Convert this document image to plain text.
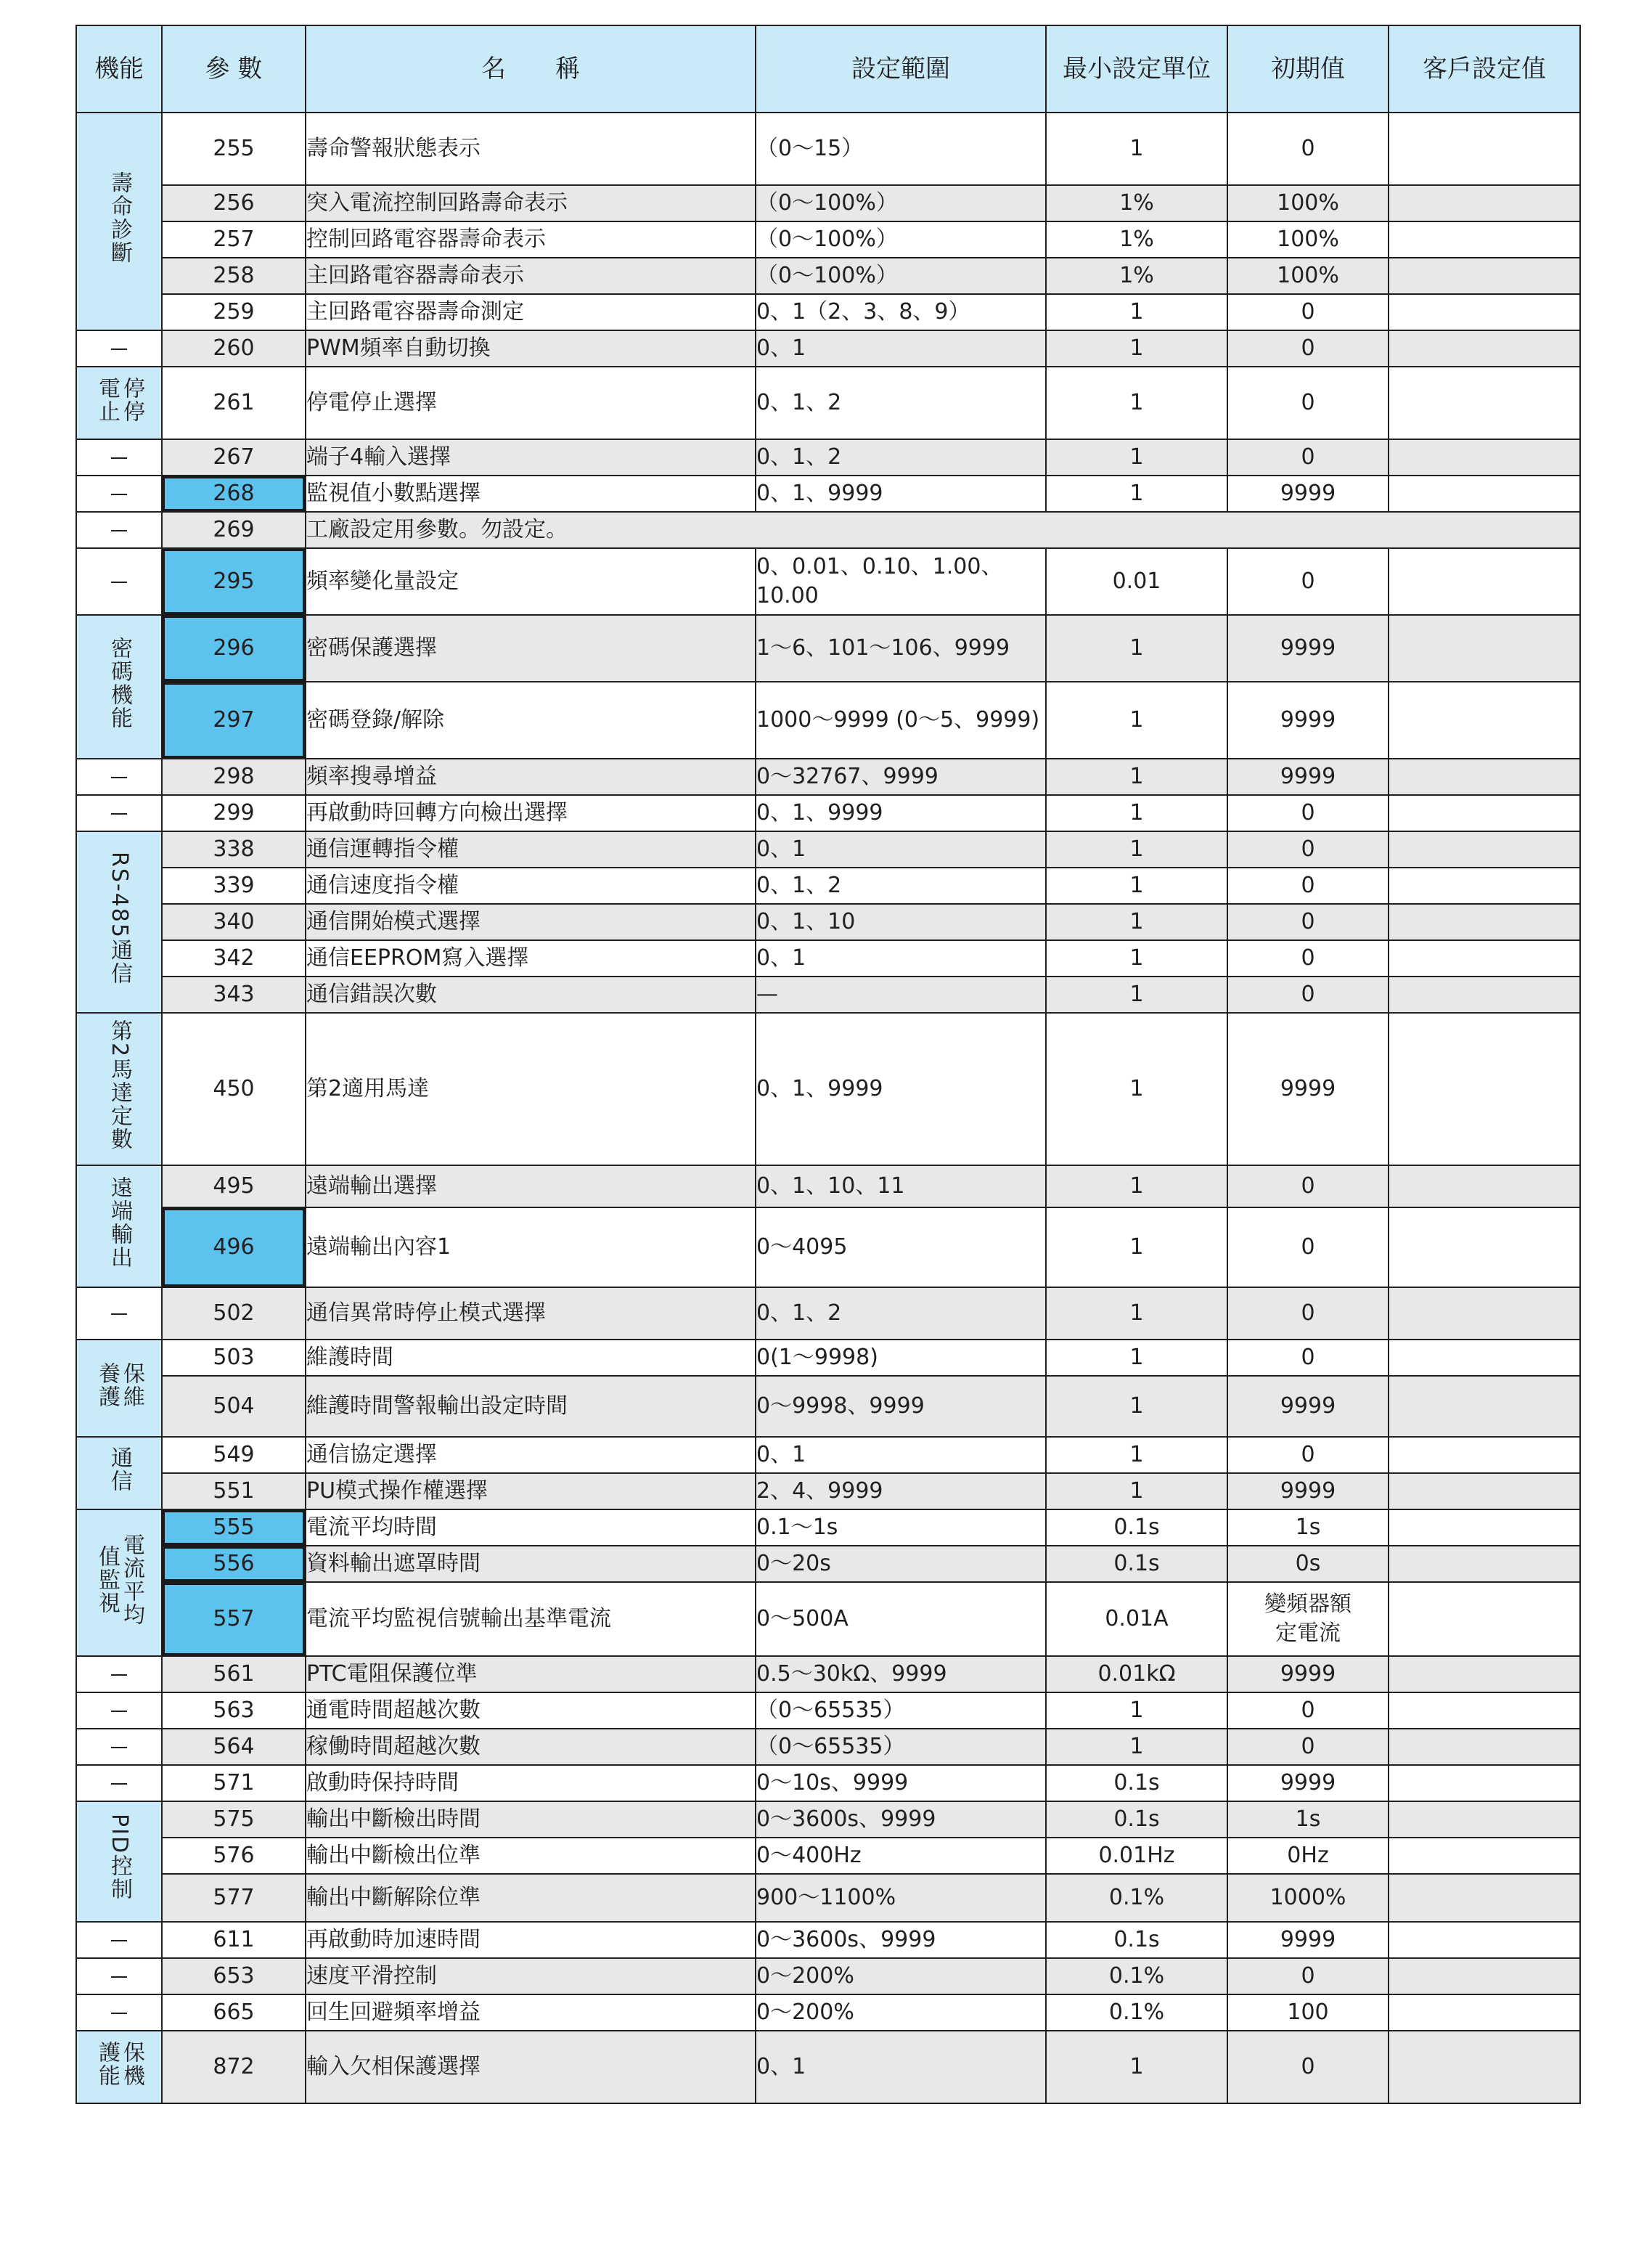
機能	參 數	名　　稱	設定範圍	最小設定單位	初期值	客戶設定值
壽命診斷	255	壽命警報狀態表示	（0～15）	1	0	
	256	突入電流控制回路壽命表示	（0～100%）	1%	100%	
	257	控制回路電容器壽命表示	（0～100%）	1%	100%	
	258	主回路電容器壽命表示	（0～100%）	1%	100%	
	259	主回路電容器壽命測定	0、1（2、3、8、9）	1	0	
	260	PWM頻率自動切換	0、1	1	0	
停停電止	261	停電停止選擇	0、1、2	1	0	
	267	端子4輸入選擇	0、1、2	1	0	
	268	監視值小數點選擇	0、1、9999	1	9999	
	269	工廠設定用參數。勿設定。				
	295	頻率變化量設定	0、0.01、0.10、1.00、10.00	0.01	0	
密碼機能	296	密碼保護選擇	1～6、101～106、9999	1	9999	
	297	密碼登錄/解除	1000～9999 (0～5、9999)	1	9999	
	298	頻率搜尋增益	0～32767、9999	1	9999	
	299	再啟動時回轉方向檢出選擇	0、1、9999	1	0	
RS-485通信	338	通信運轉指令權	0、1	1	0	
	339	通信速度指令權	0、1、2	1	0	
	340	通信開始模式選擇	0、1、10	1	0	
	342	通信EEPROM寫入選擇	0、1	1	0	
	343	通信錯誤次數	—	1	0	
第2馬達定數	450	第2適用馬達	0、1、9999	1	9999	
遠端輸出	495	遠端輸出選擇	0、1、10、11	1	0	
	496	遠端輸出內容1	0～4095	1	0	
	502	通信異常時停止模式選擇	0、1、2	1	0	
保維養護	503	維護時間	0(1～9998)	1	0	
	504	維護時間警報輸出設定時間	0～9998、9999	1	9999	
通信	549	通信協定選擇	0、1	1	0	
	551	PU模式操作權選擇	2、4、9999	1	9999	
電流平均值監視	555	電流平均時間	0.1～1s	0.1s	1s	
	556	資料輸出遮罩時間	0～20s	0.1s	0s	
	557	電流平均監視信號輸出基準電流	0～500A	0.01A	變頻器額定電流	
	561	PTC電阻保護位準	0.5～30kΩ、9999	0.01kΩ	9999	
	563	通電時間超越次數	（0～65535）	1	0	
	564	稼働時間超越次數	（0～65535）	1	0	
	571	啟動時保持時間	0～10s、9999	0.1s	9999	
PID控制	575	輸出中斷檢出時間	0～3600s、9999	0.1s	1s	
	576	輸出中斷檢出位準	0～400Hz	0.01Hz	0Hz	
	577	輸出中斷解除位準	900～1100%	0.1%	1000%	
	611	再啟動時加速時間	0～3600s、9999	0.1s	9999	
	653	速度平滑控制	0～200%	0.1%	0	
	665	回生回避頻率增益	0～200%	0.1%	100	
保機護能	872	輸入欠相保護選擇	0、1	1	0	
